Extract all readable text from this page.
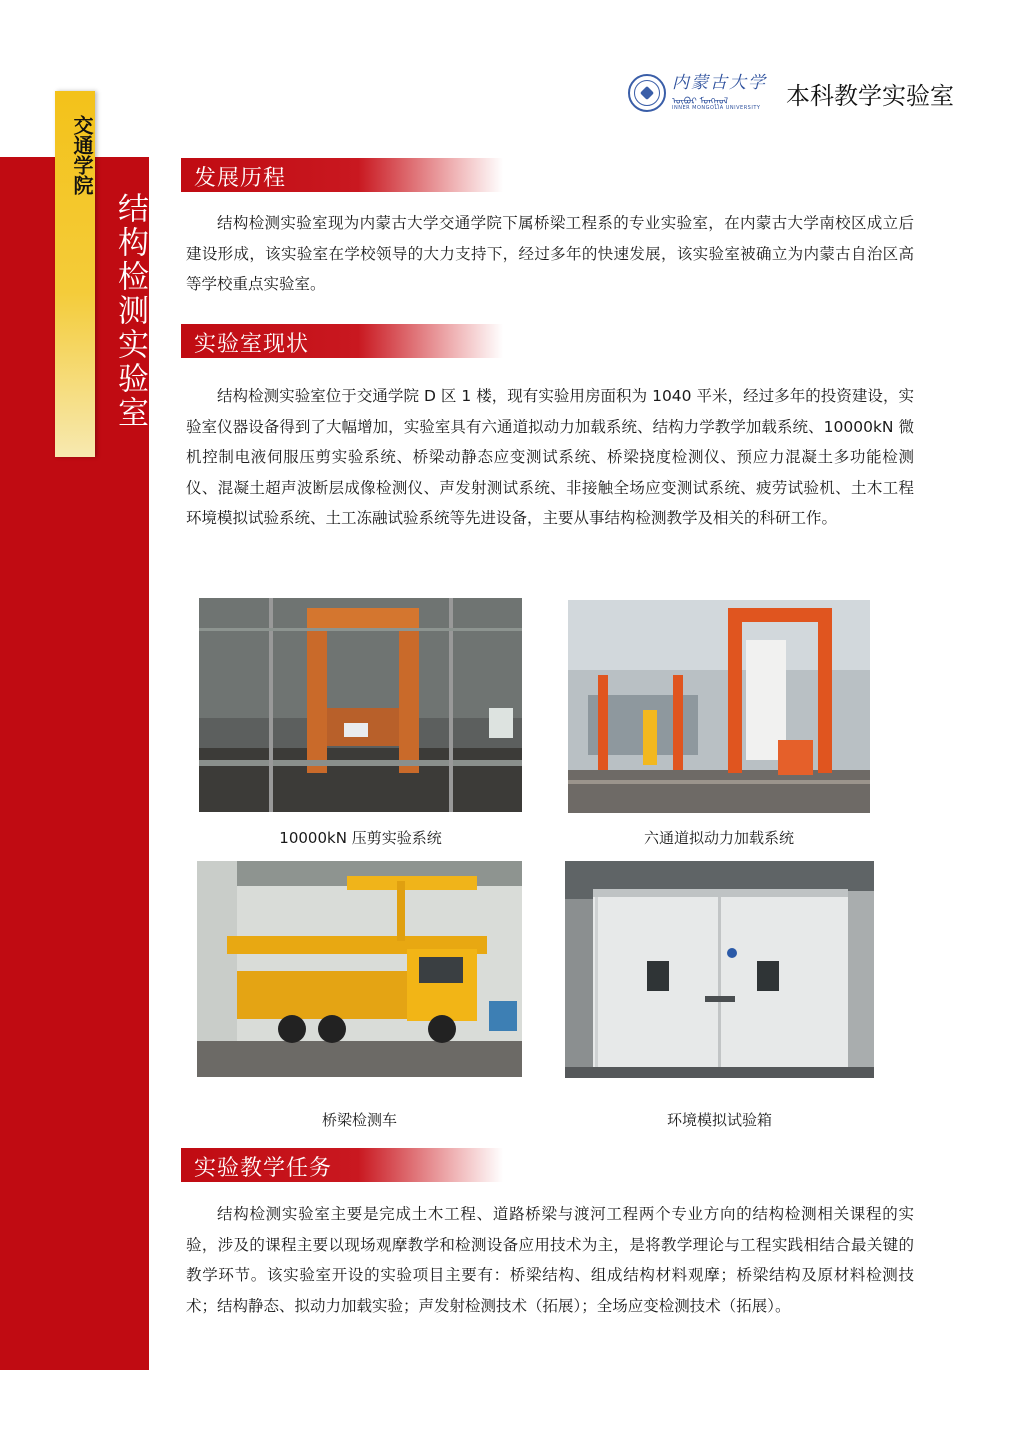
交通学院
结构检测实验室
内蒙古大学
ᠥᠪᠥᠷ ᠮᠣᠩᠭᠣᠯ
INNER MONGOLIA UNIVERSITY	本科教学实验室
发展历程

结构检测实验室现为内蒙古大学交通学院下属桥梁工程系的专业实验室，在内蒙古大学南校区成立后建设形成，该实验室在学校领导的大力支持下，经过多年的快速发展，该实验室被确立为内蒙古自治区高等学校重点实验室。

实验室现状

结构检测实验室位于交通学院 D 区 1 楼，现有实验用房面积为 1040 平米，经过多年的投资建设，实验室仪器设备得到了大幅增加，实验室具有六通道拟动力加载系统、结构力学教学加载系统、10000kN 微机控制电液伺服压剪实验系统、桥梁动静态应变测试系统、桥梁挠度检测仪、预应力混凝土多功能检测仪、混凝土超声波断层成像检测仪、声发射测试系统、非接触全场应变测试系统、疲劳试验机、土木工程环境模拟试验系统、土工冻融试验系统等先进设备，主要从事结构检测教学及相关的科研工作。

10000kN 压剪实验系统	六通道拟动力加载系统
桥梁检测车	环境模拟试验箱
实验教学任务

结构检测实验室主要是完成土木工程、道路桥梁与渡河工程两个专业方向的结构检测相关课程的实验，涉及的课程主要以现场观摩教学和检测设备应用技术为主，是将教学理论与工程实践相结合最关键的教学环节。该实验室开设的实验项目主要有：桥梁结构、组成结构材料观摩；桥梁结构及原材料检测技术；结构静态、拟动力加载实验；声发射检测技术（拓展）；全场应变检测技术（拓展）。
